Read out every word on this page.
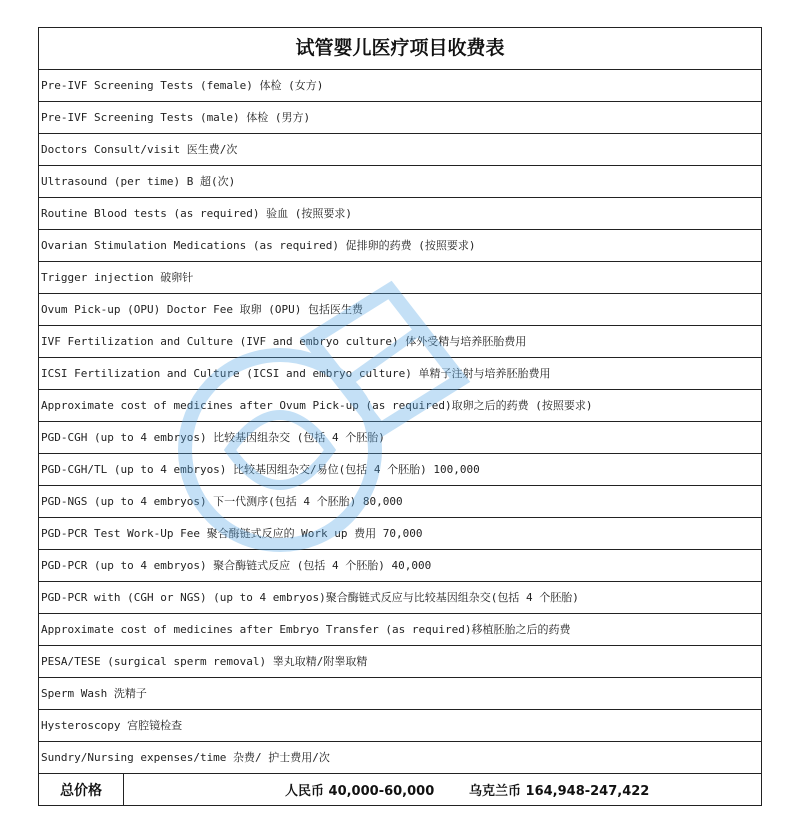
试管婴儿医疗项目收费表
Pre-IVF Screening Tests (female) 体检 (女方)
Pre-IVF Screening Tests (male) 体检 (男方)
Doctors Consult/visit 医生费/次
Ultrasound (per time) B 超(次)
Routine Blood tests (as required) 验血 (按照要求)
Ovarian Stimulation Medications (as required) 促排卵的药费 (按照要求)
Trigger injection 破卵针
Ovum Pick-up (OPU) Doctor Fee 取卵 (OPU) 包括医生费
IVF Fertilization and Culture (IVF and embryo culture) 体外受精与培养胚胎费用
ICSI Fertilization and Culture (ICSI and embryo culture) 单精子注射与培养胚胎费用
Approximate cost of medicines after Ovum Pick-up (as required)取卵之后的药费 (按照要求)
PGD-CGH (up to 4 embryos) 比较基因组杂交 (包括 4 个胚胎)
PGD-CGH/TL (up to 4 embryos) 比较基因组杂交/易位(包括 4 个胚胎) 100,000
PGD-NGS (up to 4 embryos) 下一代测序(包括 4 个胚胎) 80,000
PGD-PCR Test Work-Up Fee 聚合酶链式反应的 Work up 费用 70,000
PGD-PCR (up to 4 embryos) 聚合酶链式反应 (包括 4 个胚胎) 40,000
PGD-PCR with (CGH or NGS) (up to 4 embryos)聚合酶链式反应与比较基因组杂交(包括 4 个胚胎)
Approximate cost of medicines after Embryo Transfer (as required)移植胚胎之后的药费
PESA/TESE (surgical sperm removal) 睾丸取精/附睾取精
Sperm Wash 洗精子
Hysteroscopy 宫腔镜检查
Sundry/Nursing expenses/time 杂费/ 护士费用/次
总价格	人民币 40,000-60,000	乌克兰币 164,948-247,422
